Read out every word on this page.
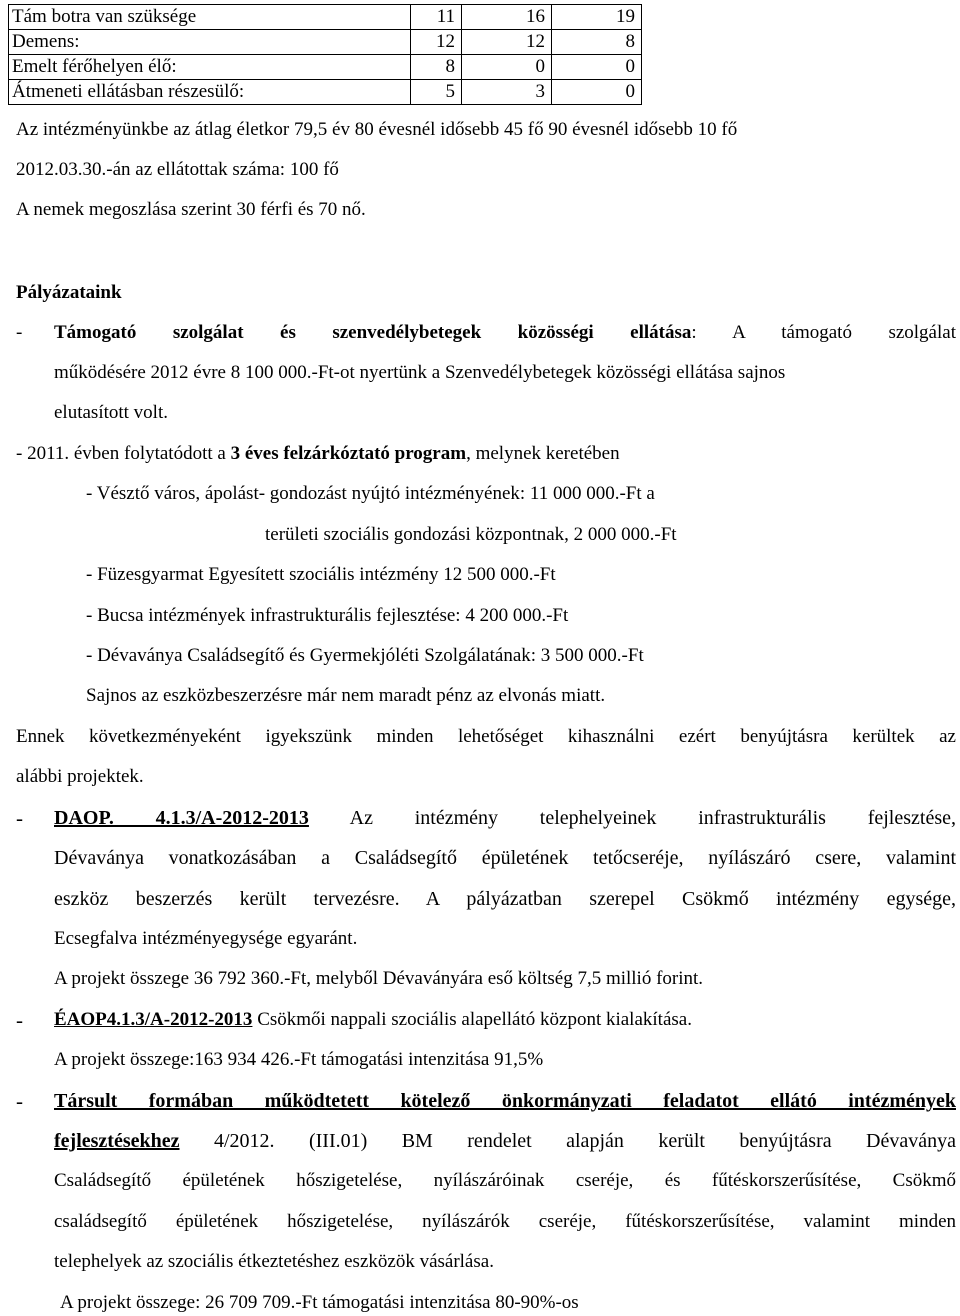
Tám botra van szüksége	11	16	19
Demens:	12	12	8
Emelt férőhelyen élő:	8	0	0
Átmeneti ellátásban részesülő:	5	3	0
Az intézményünkbe az átlag életkor 79,5 év 80 évesnél idősebb 45 fő 90 évesnél idősebb 10 fő
2012.03.30.-án az ellátottak száma: 100 fő
A nemek megoszlása szerint 30 férfi és 70 nő.
Pályázataink
- Támogató szolgálat és szenvedélybetegek közösségi ellátása: A támogató szolgálat
működésére 2012 évre 8 100 000.-Ft-ot nyertünk a Szenvedélybetegek közösségi ellátása sajnos
elutasított volt.
- 2011. évben folytatódott a 3 éves felzárkóztató program, melynek keretében
- Vésztő város, ápolást- gondozást nyújtó intézményének: 11 000 000.-Ft a
területi szociális gondozási központnak, 2 000 000.-Ft
- Füzesgyarmat Egyesített szociális intézmény 12 500 000.-Ft
- Bucsa intézmények infrastrukturális fejlesztése: 4 200 000.-Ft
- Dévaványa Családsegítő és Gyermekjóléti Szolgálatának: 3 500 000.-Ft
Sajnos az eszközbeszerzésre már nem maradt pénz az elvonás miatt.
Ennek következményeként igyekszünk minden lehetőséget kihasználni ezért benyújtásra kerültek az
alábbi projektek.
- DAOP. 4.1.3/A-2012-2013 Az intézmény telephelyeinek infrastrukturális fejlesztése,
Dévaványa vonatkozásában a Családsegítő épületének tetőcseréje, nyílászáró csere, valamint
eszköz beszerzés került tervezésre. A pályázatban szerepel Csökmő intézmény egysége,
Ecsegfalva intézményegysége egyaránt.
A projekt összege 36 792 360.-Ft, melyből Dévaványára eső költség 7,5 millió forint.
- ÉAOP4.1.3/A-2012-2013 Csökmői nappali szociális alapellátó központ kialakítása.
A projekt összege:163 934 426.-Ft támogatási intenzitása 91,5%
- Társult formában működtetett kötelező önkormányzati feladatot ellátó intézmények
fejlesztésekhez 4/2012. (III.01) BM rendelet alapján került benyújtásra Dévaványa
Családsegítő épületének hőszigetelése, nyílászáróinak cseréje, és fűtéskorszerűsítése, Csökmő
családsegítő épületének hőszigetelése, nyílászárók cseréje, fűtéskorszerűsítése, valamint minden
telephelyek az szociális étkeztetéshez eszközök vásárlása.
A projekt összege: 26 709 709.-Ft támogatási intenzitása 80-90%-os
